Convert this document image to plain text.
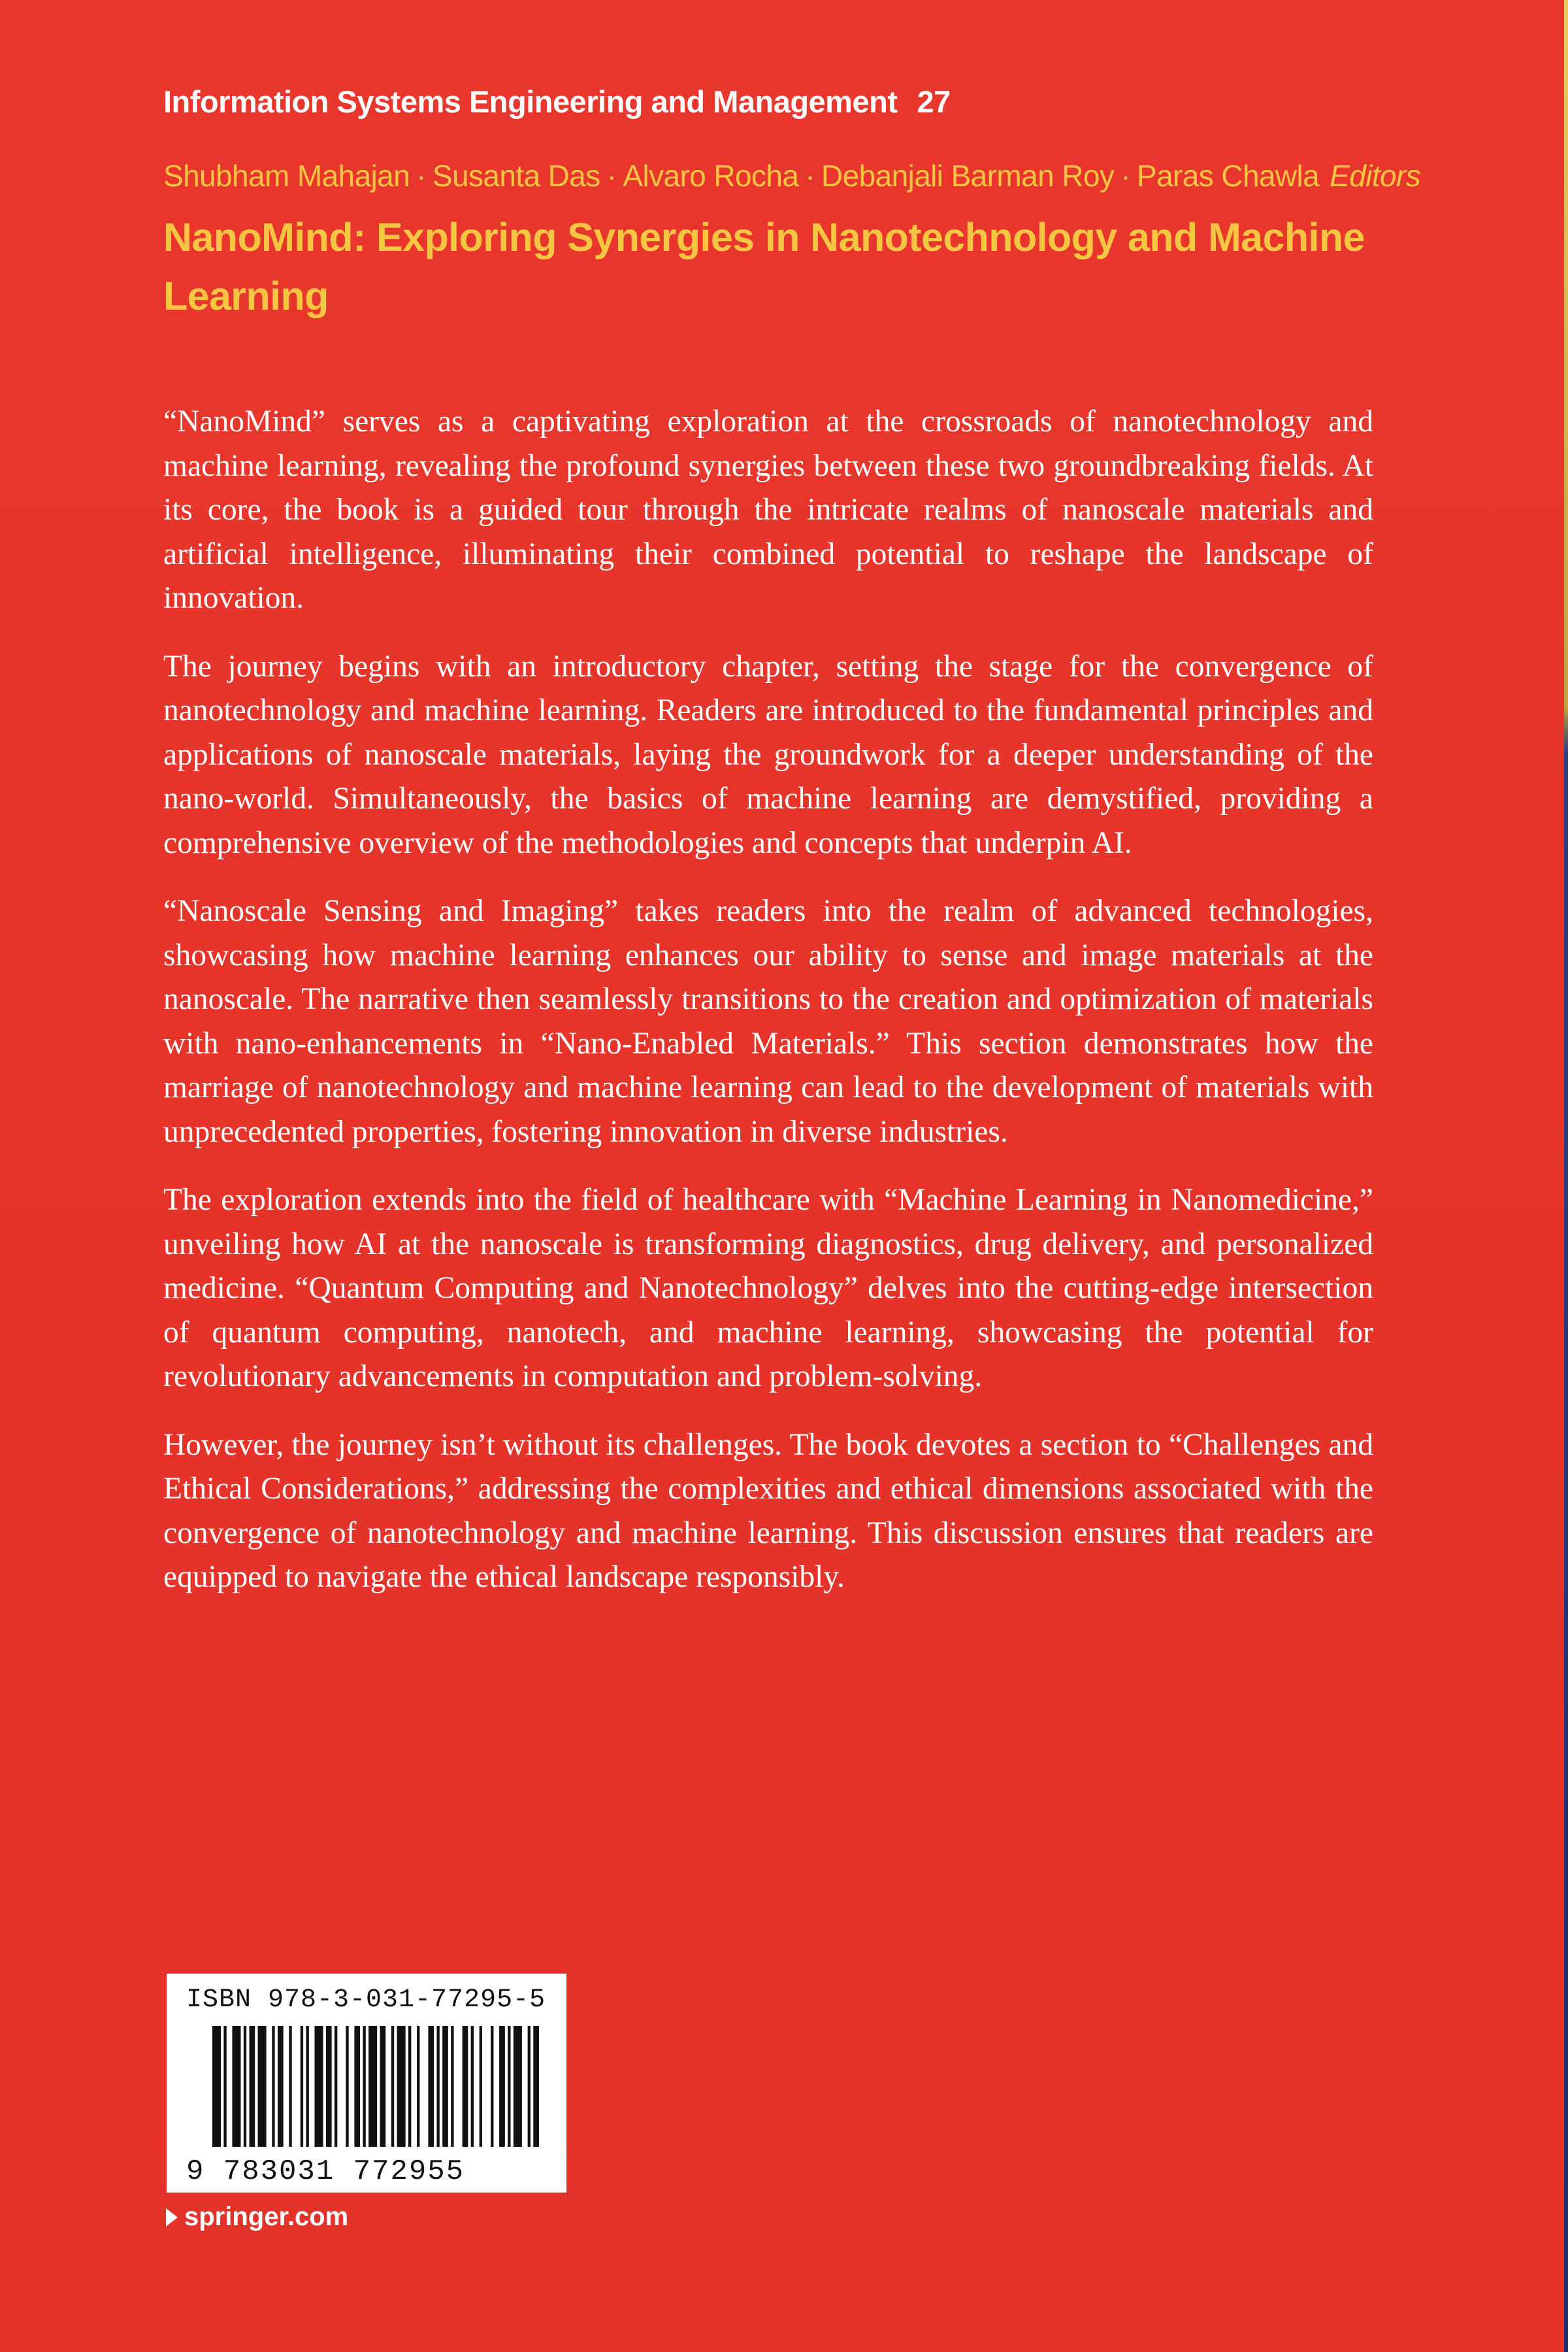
Information Systems Engineering and Management 27
Shubham Mahajan · Susanta Das · Alvaro Rocha · Debanjali Barman Roy · Paras Chawla Editors
NanoMind: Exploring Synergies in Nanotechnology and Machine Learning

“NanoMind” serves as a captivating exploration at the crossroads of nanotechnology and machine learning, revealing the profound synergies between these two groundbreaking fields. At its core, the book is a guided tour through the intricate realms of nanoscale materials and artificial intelligence, illuminating their combined potential to reshape the landscape of innovation.

The journey begins with an introductory chapter, setting the stage for the convergence of nanotechnology and machine learning. Readers are introduced to the fundamental principles and applications of nanoscale materials, laying the groundwork for a deeper understanding of the nano-world. Simultaneously, the basics of machine learning are demystified, providing a comprehensive overview of the methodologies and concepts that underpin AI.

“Nanoscale Sensing and Imaging” takes readers into the realm of advanced technologies, showcasing how machine learning enhances our ability to sense and image materials at the nanoscale. The narrative then seamlessly transitions to the creation and optimization of materials with nano-enhancements in “Nano-Enabled Materials.” This section demonstrates how the marriage of nanotechnology and machine learning can lead to the development of materials with unprecedented properties, fostering innovation in diverse industries.

The exploration extends into the field of healthcare with “Machine Learning in Nanomedicine,” unveiling how AI at the nanoscale is transforming diagnostics, drug delivery, and personalized medicine. “Quantum Computing and Nanotechnology” delves into the cutting-edge intersection of quantum computing, nanotech, and machine learning, showcasing the potential for revolutionary advancements in computation and problem-solving.

However, the journey isn’t without its challenges. The book devotes a section to “Challenges and Ethical Considerations,” addressing the complexities and ethical dimensions associated with the convergence of nanotechnology and machine learning. This discussion ensures that readers are equipped to navigate the ethical landscape responsibly.

ISBN 978-3-031-77295-5
9 783031 772955
springer.com
